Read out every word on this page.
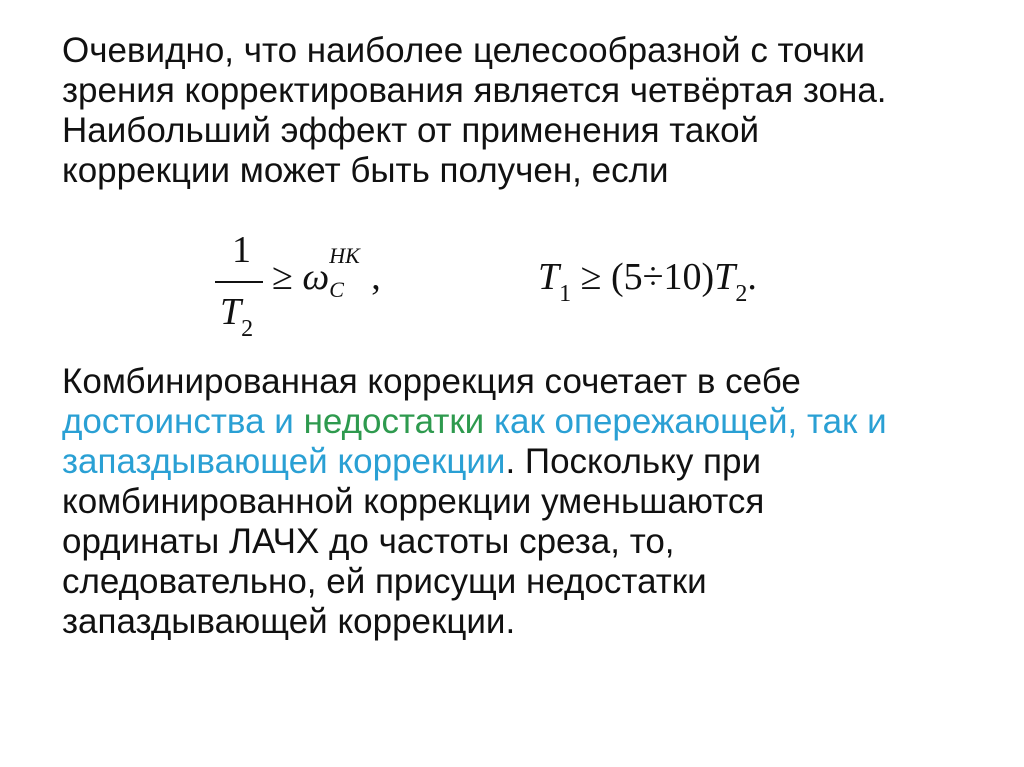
Очевидно, что наиболее целесообразной с точки
зрения корректирования является четвёртая зона.
Наибольший эффект от применения такой
коррекции может быть получен, если
1
$T_2$
≥ ω
НК
C ,	$T_1 \ge (5\div 10)T_2$.
Комбинированная коррекция сочетает в себе
достоинства и недостатки как опережающей, так и
запаздывающей коррекции. Поскольку при
комбинированной коррекции уменьшаются
ординаты ЛАЧХ до частоты среза, то,
следовательно, ей присущи недостатки
запаздывающей коррекции.
